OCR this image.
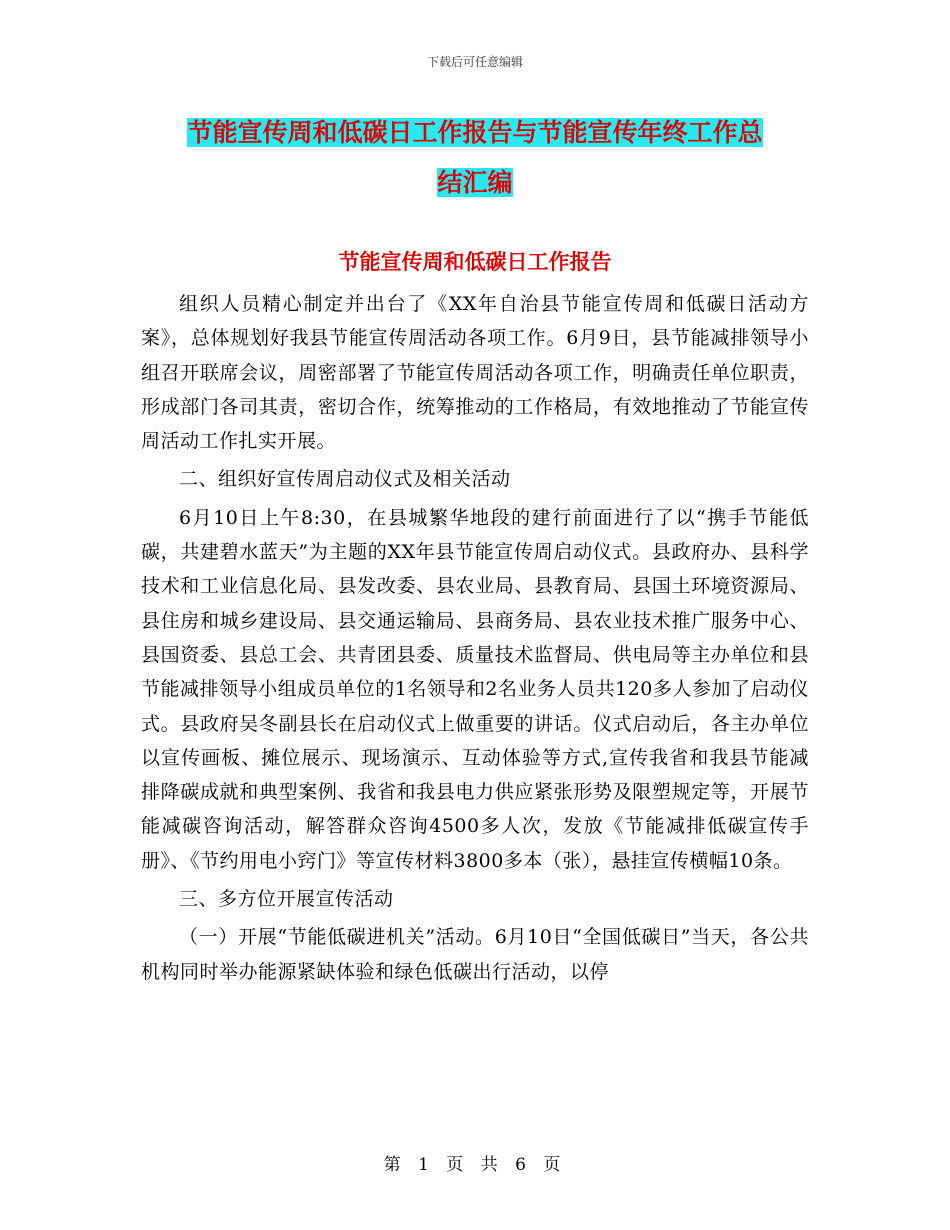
下载后可任意编辑
节能宣传周和低碳日工作报告与节能宣传年终工作总
结汇编
节能宣传周和低碳日工作报告

组织人员精心制定并出台了《XX年自治县节能宣传周和低碳日活动方案》，总体规划好我县节能宣传周活动各项工作。6月9日，县节能减排领导小组召开联席会议，周密部署了节能宣传周活动各项工作，明确责任单位职责，形成部门各司其责，密切合作，统筹推动的工作格局，有效地推动了节能宣传周活动工作扎实开展。

二、组织好宣传周启动仪式及相关活动

6月10日上午8:30，在县城繁华地段的建行前面进行了以“携手节能低碳，共建碧水蓝天”为主题的XX年县节能宣传周启动仪式。县政府办、县科学技术和工业信息化局、县发改委、县农业局、县教育局、县国土环境资源局、县住房和城乡建设局、县交通运输局、县商务局、县农业技术推广服务中心、县国资委、县总工会、共青团县委、质量技术监督局、供电局等主办单位和县节能减排领导小组成员单位的1名领导和2名业务人员共120多人参加了启动仪式。县政府吴冬副县长在启动仪式上做重要的讲话。仪式启动后，各主办单位以宣传画板、摊位展示、现场演示、互动体验等方式,宣传我省和我县节能减排降碳成就和典型案例、我省和我县电力供应紧张形势及限塑规定等，开展节能减碳咨询活动，解答群众咨询4500多人次，发放《节能减排低碳宣传手册》、《节约用电小窍门》等宣传材料3800多本（张），悬挂宣传横幅10条。

三、多方位开展宣传活动

（一）开展“节能低碳进机关”活动。6月10日“全国低碳日”当天，各公共机构同时举办能源紧缺体验和绿色低碳出行活动，以停

第 1 页 共 6 页
